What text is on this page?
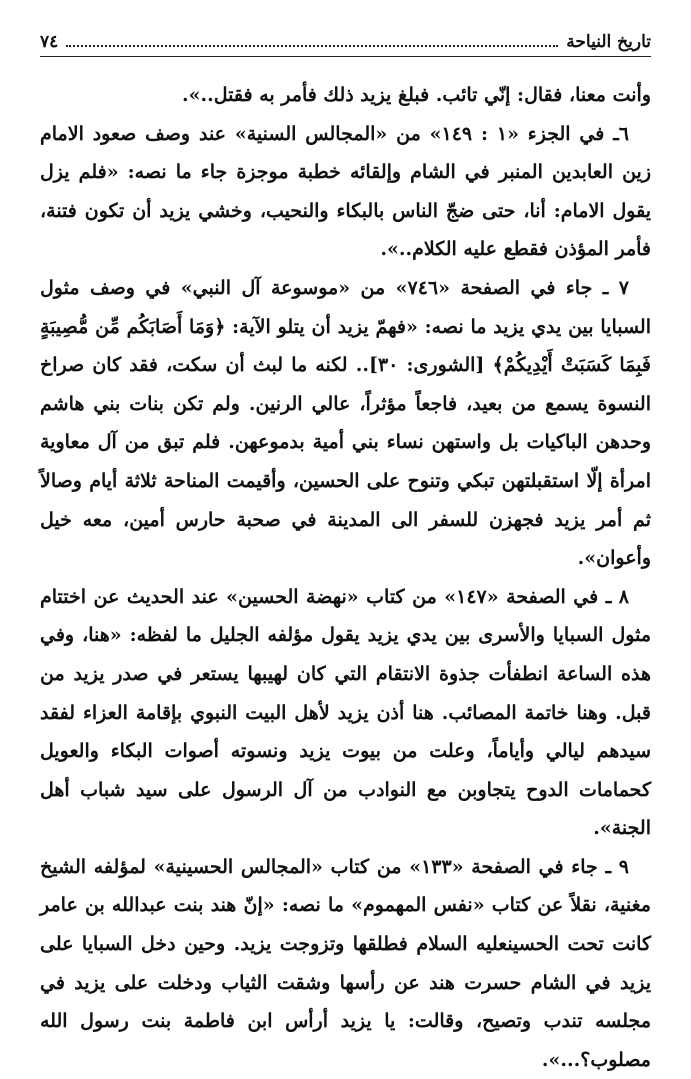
٧٤	تاريخ النياحة

وأنت معنا، فقال: إنّي تائب. فبلغ يزيد ذلك فأمر به فقتل..».

٦ـ في الجزء «١ : ١٤٩» من «المجالس السنية» عند وصف صعود الامام زين العابدين المنبر في الشام وإلقائه خطبة موجزة جاء ما نصه: «فلم يزل يقول الامام: أنا، حتى ضجّ الناس بالبكاء والنحيب، وخشي يزيد أن تكون فتنة، فأمر المؤذن فقطع عليه الكلام..».

٧ ـ جاء في الصفحة «٧٤٦» من «موسوعة آل النبي» في وصف مثول السبايا بين يدي يزيد ما نصه: «فهمّ يزيد أن يتلو الآية: ﴿وَمَا أَصَابَكُم مِّن مُّصِيبَةٍ فَبِمَا كَسَبَتْ أَيْدِيكُمْ﴾ [الشورى: ٣٠].. لكنه ما لبث أن سكت، فقد كان صراخ النسوة يسمع من بعيد، فاجعاً مؤثراً، عالي الرنين. ولم تكن بنات بني هاشم وحدهن الباكيات بل واستهن نساء بني أمية بدموعهن. فلم تبق من آل معاوية امرأة إلّا استقبلتهن تبكي وتنوح على الحسين، وأقيمت المناحة ثلاثة أيام وصالاً ثم أمر يزيد فجهزن للسفر الى المدينة في صحبة حارس أمين، معه خيل وأعوان».

٨ ـ في الصفحة «١٤٧» من كتاب «نهضة الحسين» عند الحديث عن اختتام مثول السبايا والأسرى بين يدي يزيد يقول مؤلفه الجليل ما لفظه: «هنا، وفي هذه الساعة انطفأت جذوة الانتقام التي كان لهيبها يستعر في صدر يزيد من قبل. وهنا خاتمة المصائب. هنا أذن يزيد لأهل البيت النبوي بإقامة العزاء لفقد سيدهم ليالي وأياماً، وعلت من بيوت يزيد ونسوته أصوات البكاء والعويل كحمامات الدوح يتجاوبن مع النوادب من آل الرسول على سيد شباب أهل الجنة».

٩ ـ جاء في الصفحة «١٣٣» من كتاب «المجالس الحسينية» لمؤلفه الشيخ مغنية، نقلاً عن كتاب «نفس المهموم» ما نصه: «إنّ هند بنت عبدالله بن عامر كانت تحت الحسينعليه السلام فطلقها وتزوجت يزيد. وحين دخل السبايا على يزيد في الشام حسرت هند عن رأسها وشقت الثياب ودخلت على يزيد في مجلسه تندب وتصيح، وقالت: يا يزيد أرأس ابن فاطمة بنت رسول الله مصلوب؟...».
